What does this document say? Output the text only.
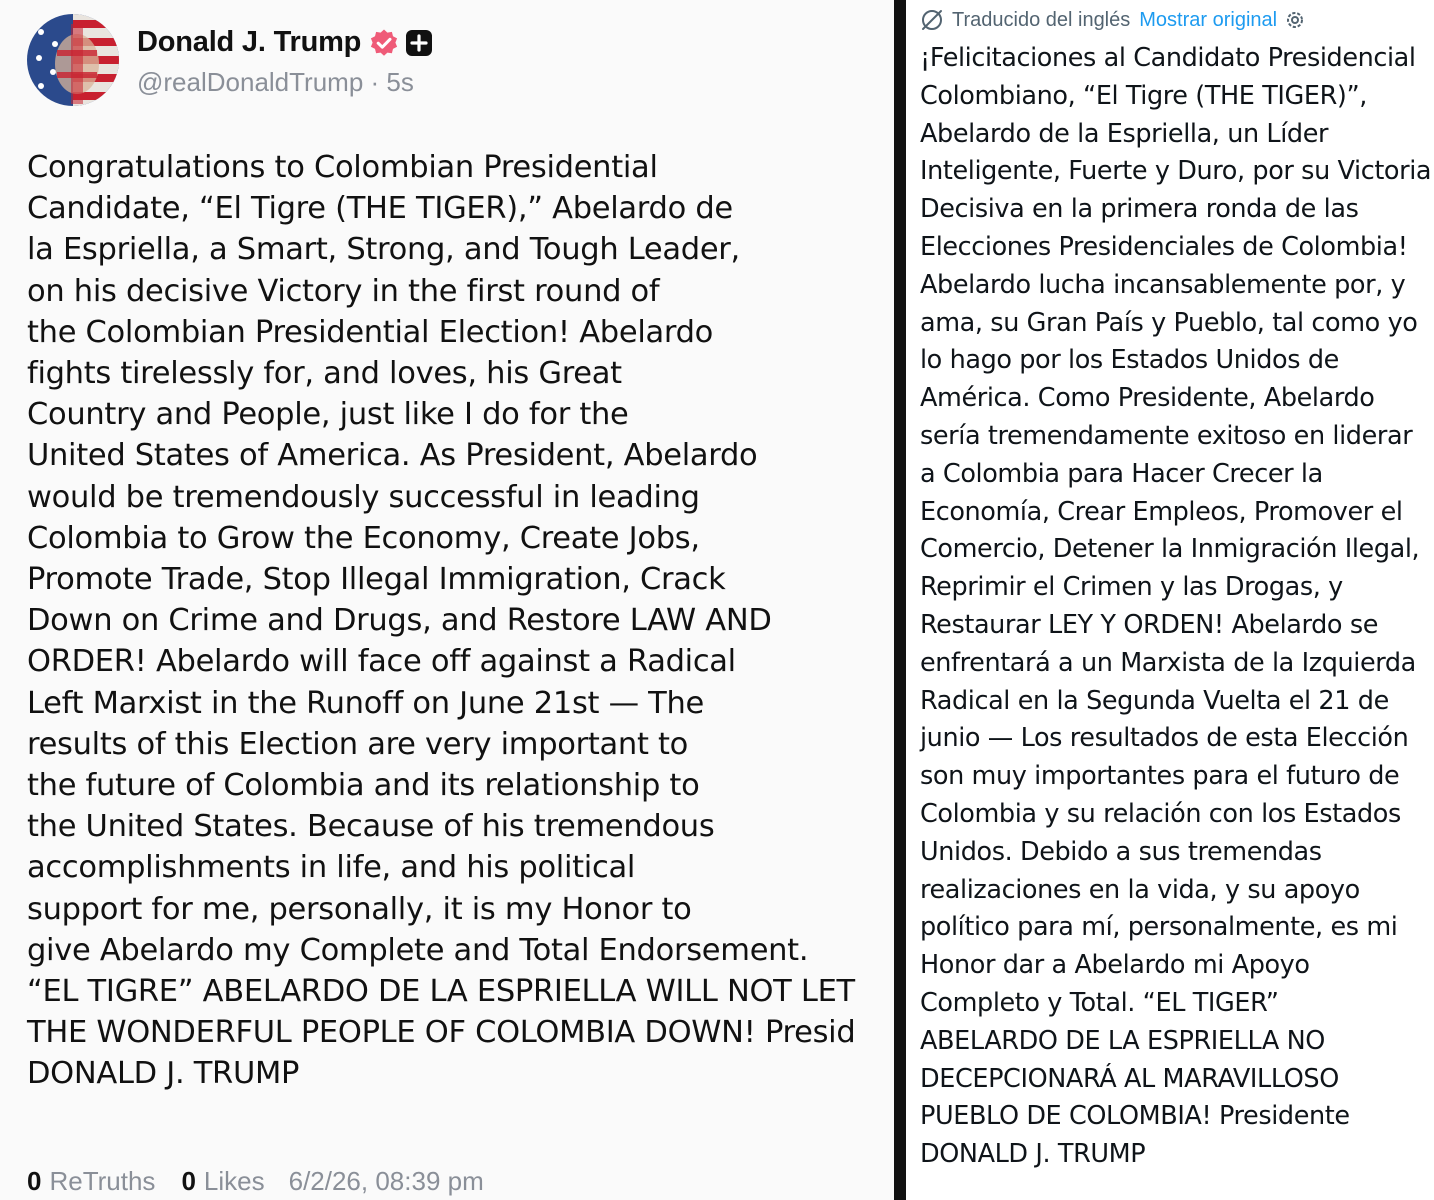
Donald J. Trump
@realDonaldTrump · 5s
Congratulations to Colombian Presidential
Candidate, “El Tigre (THE TIGER),” Abelardo de
la Espriella, a Smart, Strong, and Tough Leader,
on his decisive Victory in the first round of
the Colombian Presidential Election! Abelardo
fights tirelessly for, and loves, his Great
Country and People, just like I do for the
United States of America. As President, Abelardo
would be tremendously successful in leading
Colombia to Grow the Economy, Create Jobs,
Promote Trade, Stop Illegal Immigration, Crack
Down on Crime and Drugs, and Restore LAW AND
ORDER! Abelardo will face off against a Radical
Left Marxist in the Runoff on June 21st — The
results of this Election are very important to
the future of Colombia and its relationship to
the United States. Because of his tremendous
accomplishments in life, and his political
support for me, personally, it is my Honor to
give Abelardo my Complete and Total Endorsement.
“EL TIGRE” ABELARDO DE LA ESPRIELLA WILL NOT LET
THE WONDERFUL PEOPLE OF COLOMBIA DOWN! Presid
DONALD J. TRUMP
0 ReTruths 0 Likes 6/2/26, 08:39 pm
Traducido del inglés Mostrar original
¡Felicitaciones al Candidato Presidencial
Colombiano, “El Tigre (THE TIGER)”,
Abelardo de la Espriella, un Líder
Inteligente, Fuerte y Duro, por su Victoria
Decisiva en la primera ronda de las
Elecciones Presidenciales de Colombia!
Abelardo lucha incansablemente por, y
ama, su Gran País y Pueblo, tal como yo
lo hago por los Estados Unidos de
América. Como Presidente, Abelardo
sería tremendamente exitoso en liderar
a Colombia para Hacer Crecer la
Economía, Crear Empleos, Promover el
Comercio, Detener la Inmigración Ilegal,
Reprimir el Crimen y las Drogas, y
Restaurar LEY Y ORDEN! Abelardo se
enfrentará a un Marxista de la Izquierda
Radical en la Segunda Vuelta el 21 de
junio — Los resultados de esta Elección
son muy importantes para el futuro de
Colombia y su relación con los Estados
Unidos. Debido a sus tremendas
realizaciones en la vida, y su apoyo
político para mí, personalmente, es mi
Honor dar a Abelardo mi Apoyo
Completo y Total. “EL TIGER”
ABELARDO DE LA ESPRIELLA NO
DECEPCIONARÁ AL MARAVILLOSO
PUEBLO DE COLOMBIA! Presidente
DONALD J. TRUMP
